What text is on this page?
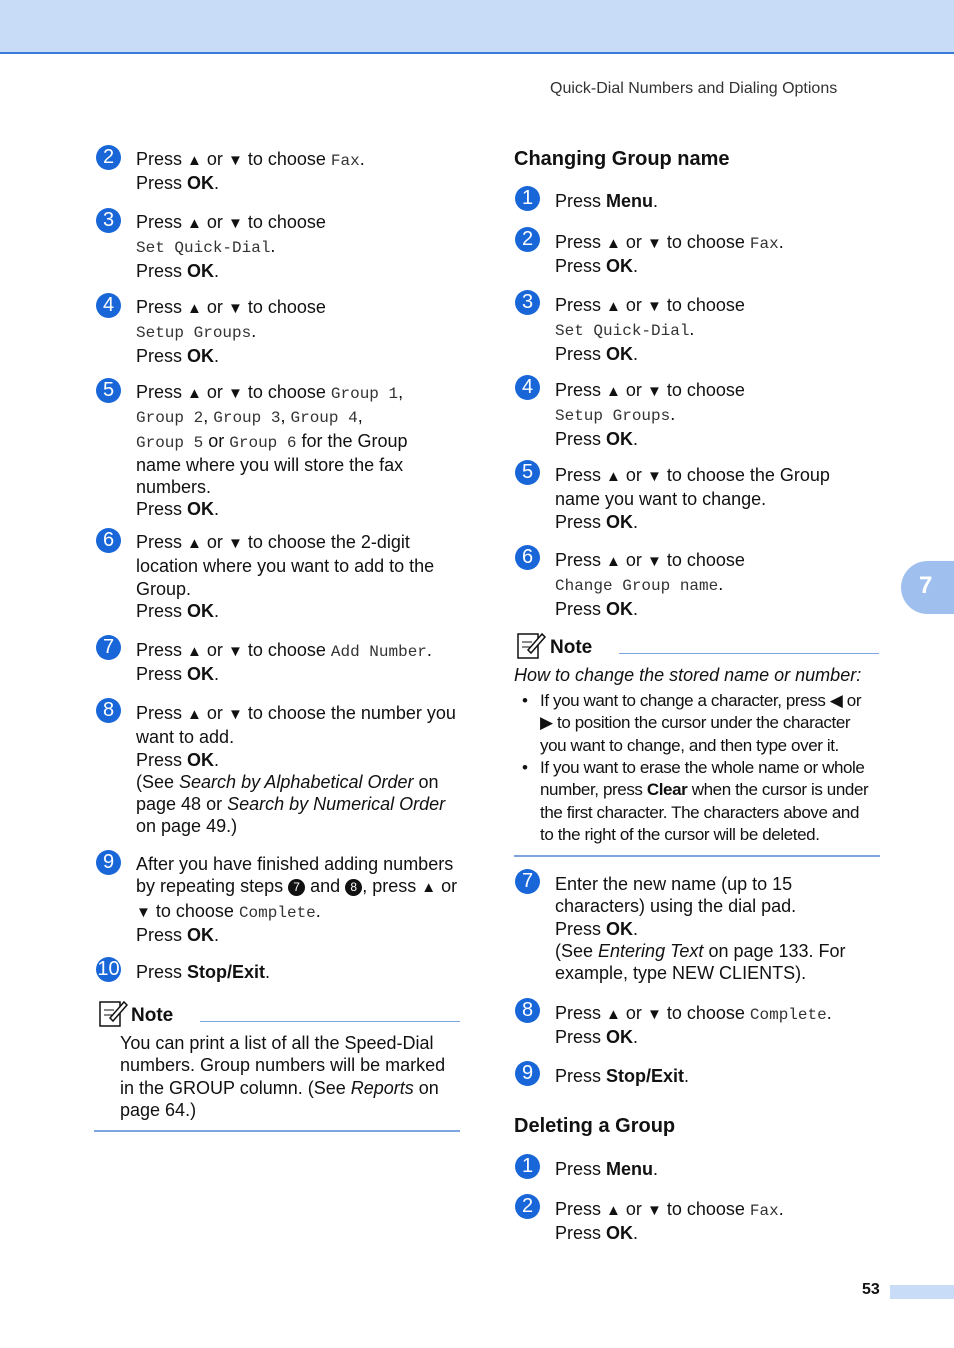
Quick-Dial Numbers and Dialing Options
7
2	Press ▲ or ▼ to choose Fax.
Press OK.
3	Press ▲ or ▼ to choose
Set Quick-Dial.
Press OK.
4	Press ▲ or ▼ to choose
Setup Groups.
Press OK.
5	Press ▲ or ▼ to choose Group 1,
Group 2, Group 3, Group 4,
Group 5 or Group 6 for the Group
name where you will store the fax
numbers.
Press OK.
6	Press ▲ or ▼ to choose the 2-digit
location where you want to add to the
Group.
Press OK.
7	Press ▲ or ▼ to choose Add Number.
Press OK.
8	Press ▲ or ▼ to choose the number you
want to add.
Press OK.
(See Search by Alphabetical Order on
page 48 or Search by Numerical Order
on page 49.)
9	After you have finished adding numbers
by repeating steps 7 and 8 , press ▲ or
▼ to choose Complete.
Press OK.
10 Press Stop/Exit.
Note
You can print a list of all the Speed-Dial
numbers. Group numbers will be marked
in the GROUP column. (See Reports on
page 64.)
Changing Group name
1	Press Menu.
2	Press ▲ or ▼ to choose Fax.
Press OK.
3	Press ▲ or ▼ to choose
Set Quick-Dial.
Press OK.
4	Press ▲ or ▼ to choose
Setup Groups.
Press OK.
5	Press ▲ or ▼ to choose the Group
name you want to change.
Press OK.
6	Press ▲ or ▼ to choose
Change Group name.
Press OK.
Note
How to change the stored name or number:
• If you want to change a character, press ◀ or
▶ to position the cursor under the character
you want to change, and then type over it.
• If you want to erase the whole name or whole
number, press Clear when the cursor is under
the first character. The characters above and
to the right of the cursor will be deleted.
7	Enter the new name (up to 15
characters) using the dial pad.
Press OK.
(See Entering Text on page 133. For
example, type NEW CLIENTS).
8	Press ▲ or ▼ to choose Complete.
Press OK.
9	Press Stop/Exit.
Deleting a Group
1	Press Menu.
2	Press ▲ or ▼ to choose Fax.
Press OK.
53
